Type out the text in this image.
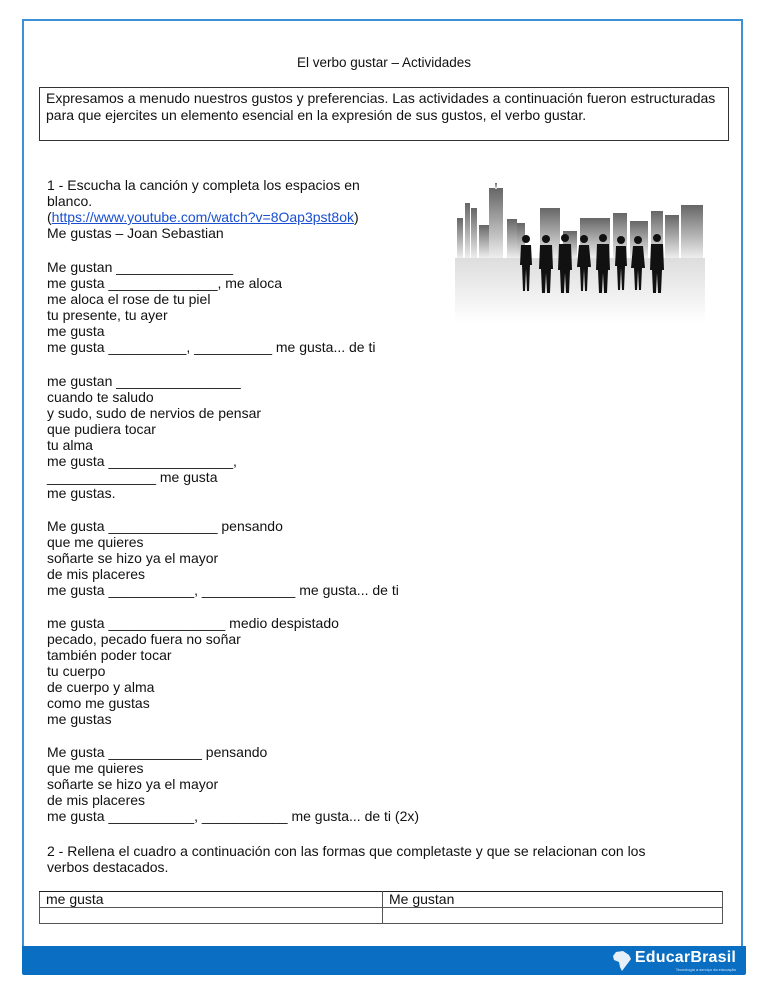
El verbo gustar – Actividades
Expresamos a menudo nuestros gustos y preferencias. Las actividades a continuación fueron estructuradas para que ejercites un elemento esencial en la expresión de sus gustos, el verbo gustar.
1 - Escucha la canción y completa los espacios en
blanco.
(https://www.youtube.com/watch?v=8Oap3pst8ok)
Me gustas – Joan Sebastian
Me gustan _______________
me gusta ______________, me aloca
me aloca el rose de tu piel
tu presente, tu ayer
me gusta
me gusta __________, __________ me gusta... de ti
me gustan ________________
cuando te saludo
y sudo, sudo de nervios de pensar
que pudiera tocar
tu alma
me gusta ________________,
______________ me gusta
me gustas.
Me gusta ______________ pensando
que me quieres
soñarte se hizo ya el mayor
de mis placeres
me gusta ___________, ____________ me gusta... de ti
me gusta _______________ medio despistado
pecado, pecado fuera no soñar
también poder tocar
tu cuerpo
de cuerpo y alma
como me gustas
me gustas
Me gusta ____________ pensando
que me quieres
soñarte se hizo ya el mayor
de mis placeres
me gusta ___________, ___________ me gusta... de ti (2x)
2 - Rellena el cuadro a continuación con las formas que completaste y que se relacionan con los
verbos destacados.
me gusta	Me gustan

EducarBrasil
Tecnologia a serviço da educação
